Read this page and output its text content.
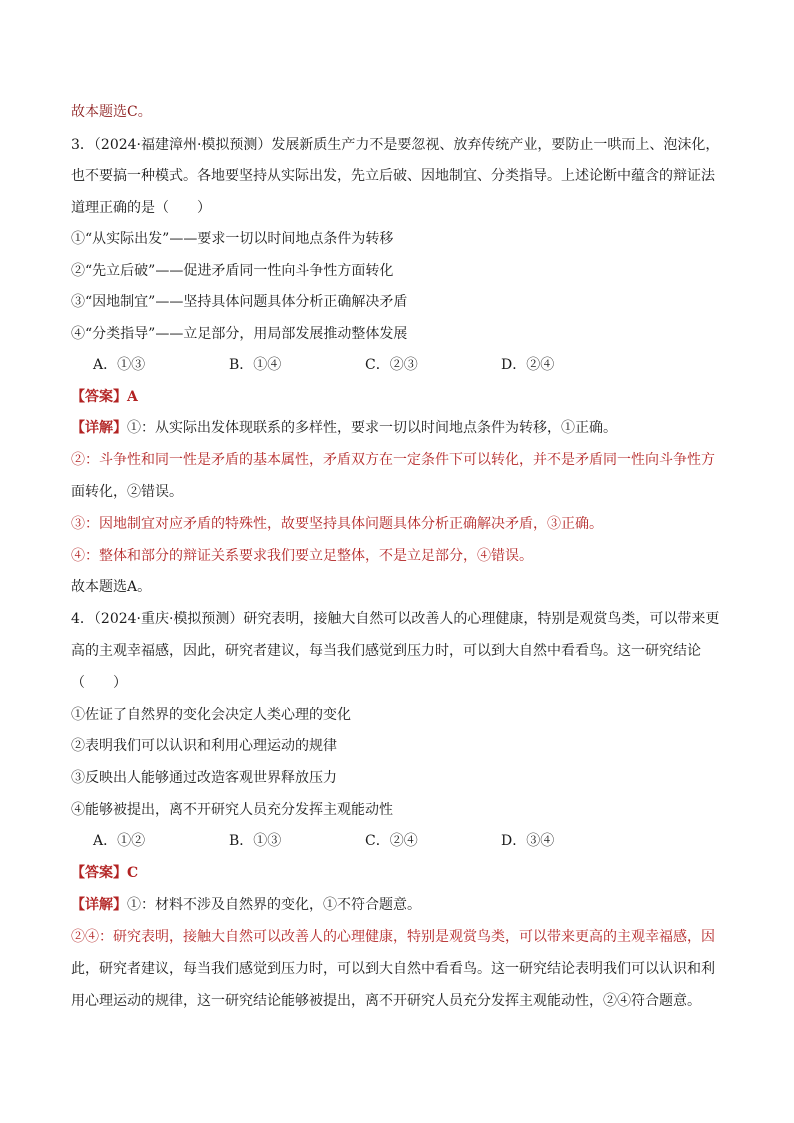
故本题选C。
3．（2024·福建漳州·模拟预测）发展新质生产力不是要忽视、放弃传统产业，要防止一哄而上、泡沫化，
也不要搞一种模式。各地要坚持从实际出发，先立后破、因地制宜、分类指导。上述论断中蕴含的辩证法
道理正确的是（　　）
①“从实际出发”——要求一切以时间地点条件为转移
②“先立后破”——促进矛盾同一性向斗争性方面转化
③“因地制宜”——坚持具体问题具体分析正确解决矛盾
④“分类指导”——立足部分，用局部发展推动整体发展
A．①③	B．①④	C．②③	D．②④
【答案】A
【详解】①：从实际出发体现联系的多样性，要求一切以时间地点条件为转移，①正确。
②：斗争性和同一性是矛盾的基本属性，矛盾双方在一定条件下可以转化，并不是矛盾同一性向斗争性方
面转化，②错误。
③：因地制宜对应矛盾的特殊性，故要坚持具体问题具体分析正确解决矛盾，③正确。
④：整体和部分的辩证关系要求我们要立足整体，不是立足部分，④错误。
故本题选A。
4．（2024·重庆·模拟预测）研究表明，接触大自然可以改善人的心理健康，特别是观赏鸟类，可以带来更
高的主观幸福感，因此，研究者建议，每当我们感觉到压力时，可以到大自然中看看鸟。这一研究结论
（　　）
①佐证了自然界的变化会决定人类心理的变化
②表明我们可以认识和利用心理运动的规律
③反映出人能够通过改造客观世界释放压力
④能够被提出，离不开研究人员充分发挥主观能动性
A．①②	B．①③	C．②④	D．③④
【答案】C
【详解】①：材料不涉及自然界的变化，①不符合题意。
②④：研究表明，接触大自然可以改善人的心理健康，特别是观赏鸟类，可以带来更高的主观幸福感，因
此，研究者建议，每当我们感觉到压力时，可以到大自然中看看鸟。这一研究结论表明我们可以认识和利
用心理运动的规律，这一研究结论能够被提出，离不开研究人员充分发挥主观能动性，②④符合题意。
